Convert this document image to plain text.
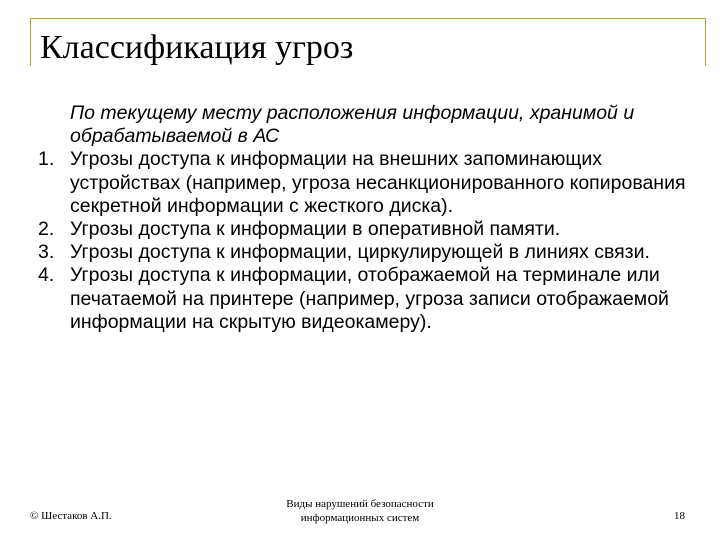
Классификация угроз
По текущему месту расположения информации, хранимой и обрабатываемой в АС
1. Угрозы доступа к информации на внешних запоминающих устройствах (например, угроза несанкционированного копирования секретной информации с жесткого диска).
2. Угрозы доступа к информации в оперативной памяти.
3. Угрозы доступа к информации, циркулирующей в линиях связи.
4. Угрозы доступа к информации, отображаемой на терминале или печатаемой на принтере (например, угроза записи отображаемой информации на скрытую видеокамеру).
© Шестаков А.П.
Виды нарушений безопасности
информационных систем	18
